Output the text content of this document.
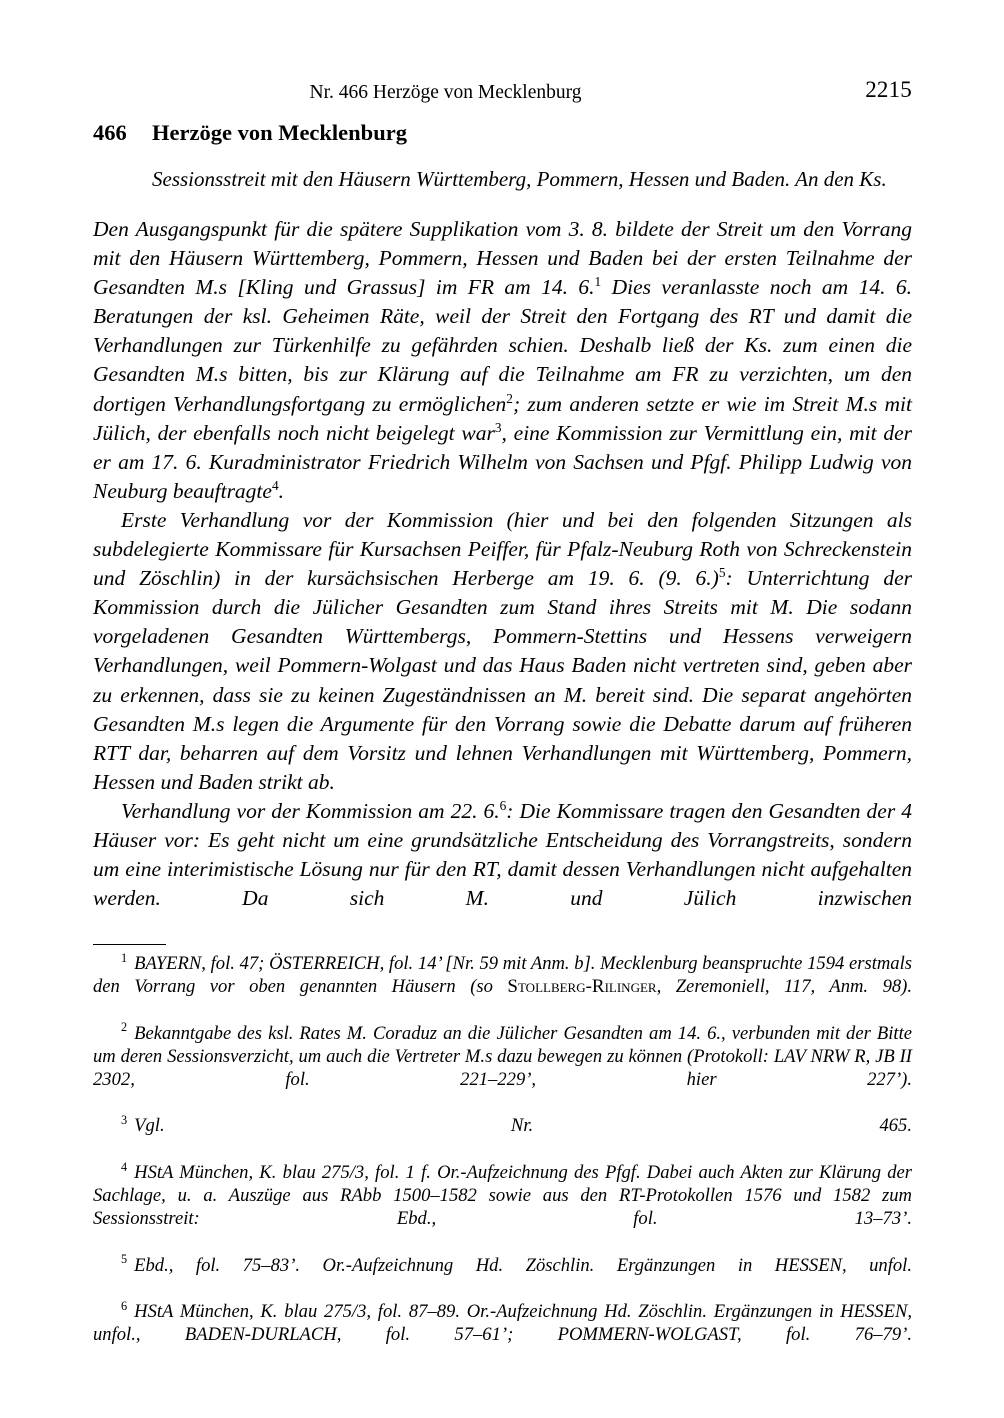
Nr. 466 Herzöge von Mecklenburg	2215
466 Herzöge von Mecklenburg
Sessionsstreit mit den Häusern Württemberg, Pommern, Hessen und Baden. An den Ks.

Den Ausgangspunkt für die spätere Supplikation vom 3. 8. bildete der Streit um den Vorrang mit den Häusern Württemberg, Pommern, Hessen und Baden bei der ersten Teilnahme der Gesandten M.s [Kling und Grassus] im FR am 14. 6.$^1$ Dies veranlasste noch am 14. 6. Beratungen der ksl. Geheimen Räte, weil der Streit den Fortgang des RT und damit die Verhandlungen zur Türkenhilfe zu gefährden schien. Deshalb ließ der Ks. zum einen die Gesandten M.s bitten, bis zur Klärung auf die Teilnahme am FR zu verzichten, um den dortigen Verhandlungsfortgang zu ermöglichen$^2$; zum anderen setzte er wie im Streit M.s mit Jülich, der ebenfalls noch nicht beigelegt war$^3$, eine Kommission zur Vermittlung ein, mit der er am 17. 6. Kuradministrator Friedrich Wilhelm von Sachsen und Pfgf. Philipp Ludwig von Neuburg beauftragte$^4$.

Erste Verhandlung vor der Kommission (hier und bei den folgenden Sitzungen als subdelegierte Kommissare für Kursachsen Peiffer, für Pfalz-Neuburg Roth von Schreckenstein und Zöschlin) in der kursächsischen Herberge am 19. 6. (9. 6.)$^5$: Unterrichtung der Kommission durch die Jülicher Gesandten zum Stand ihres Streits mit M. Die sodann vorgeladenen Gesandten Württembergs, Pommern-Stettins und Hessens verweigern Verhandlungen, weil Pommern-Wolgast und das Haus Baden nicht vertreten sind, geben aber zu erkennen, dass sie zu keinen Zugeständnissen an M. bereit sind. Die separat angehörten Gesandten M.s legen die Argumente für den Vorrang sowie die Debatte darum auf früheren RTT dar, beharren auf dem Vorsitz und lehnen Verhandlungen mit Württemberg, Pommern, Hessen und Baden strikt ab.

Verhandlung vor der Kommission am 22. 6.$^6$: Die Kommissare tragen den Gesandten der 4 Häuser vor: Es geht nicht um eine grundsätzliche Entscheidung des Vorrangstreits, sondern um eine interimistische Lösung nur für den RT, damit dessen Verhandlungen nicht aufgehalten werden. Da sich M. und Jülich inzwischen

$^1$ BAYERN, fol. 47; ÖSTERREICH, fol. 14’ [Nr. 59 mit Anm. b]. Mecklenburg beanspruchte 1594 erstmals den Vorrang vor oben genannten Häusern (so Stollberg-Rilinger, Zeremoniell, 117, Anm. 98).

$^2$ Bekanntgabe des ksl. Rates M. Coraduz an die Jülicher Gesandten am 14. 6., verbunden mit der Bitte um deren Sessionsverzicht, um auch die Vertreter M.s dazu bewegen zu können (Protokoll: LAV NRW R, JB II 2302, fol. 221–229’, hier 227’).

$^3$ Vgl. Nr. 465.

$^4$ HStA München, K. blau 275/3, fol. 1 f. Or.-Aufzeichnung des Pfgf. Dabei auch Akten zur Klärung der Sachlage, u. a. Auszüge aus RAbb 1500–1582 sowie aus den RT-Protokollen 1576 und 1582 zum Sessionsstreit: Ebd., fol. 13–73’.

$^5$ Ebd., fol. 75–83’. Or.-Aufzeichnung Hd. Zöschlin. Ergänzungen in HESSEN, unfol.

$^6$ HStA München, K. blau 275/3, fol. 87–89. Or.-Aufzeichnung Hd. Zöschlin. Ergänzungen in HESSEN, unfol., BADEN-DURLACH, fol. 57–61’; POMMERN-WOLGAST, fol. 76–79’.
